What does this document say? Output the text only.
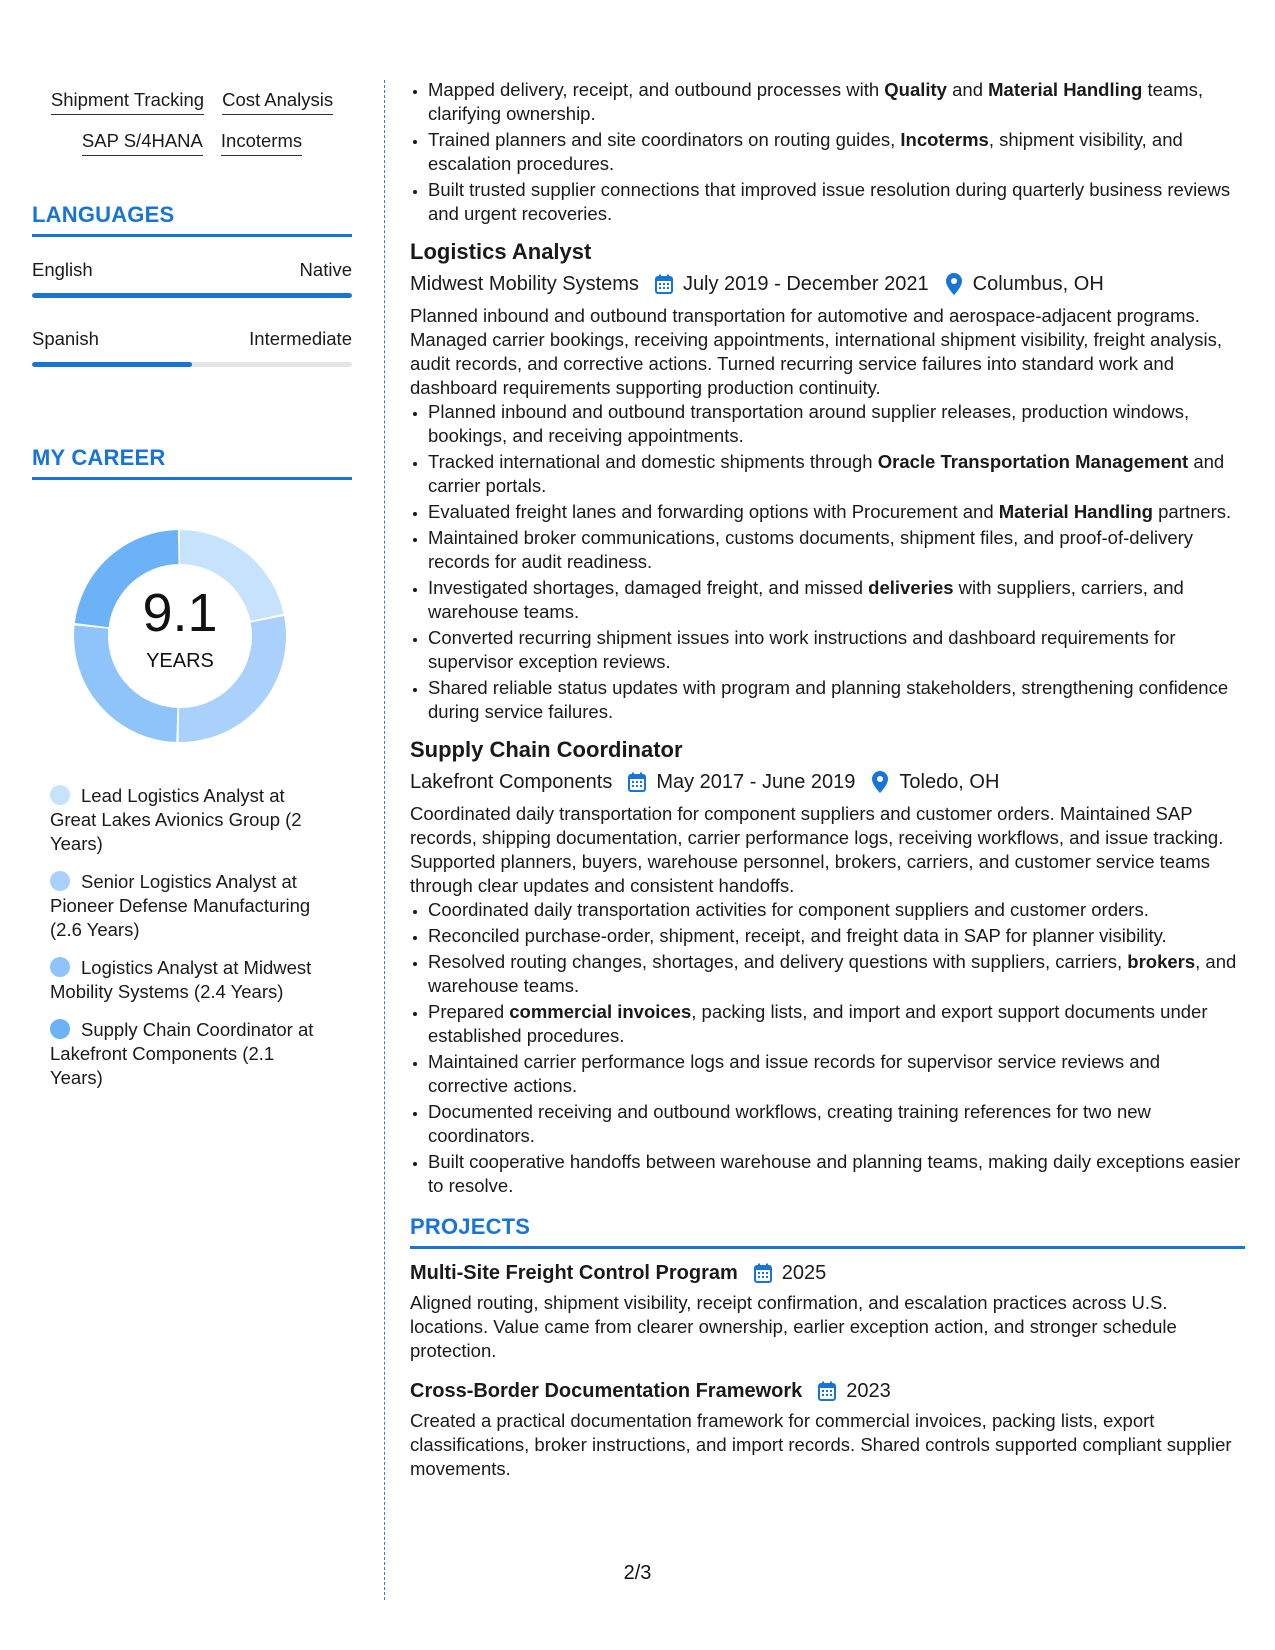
Shipment Tracking Cost Analysis
SAP S/4HANA Incoterms
LANGUAGES
English	Native
Spanish	Intermediate
MY CAREER
9.1
YEARS
Lead Logistics Analyst at Great Lakes Avionics Group (2 Years)
Senior Logistics Analyst at Pioneer Defense Manufacturing (2.6 Years)
Logistics Analyst at Midwest Mobility Systems (2.4 Years)
Supply Chain Coordinator at Lakefront Components (2.1 Years)
• Mapped delivery, receipt, and outbound processes with Quality and Material Handling teams, clarifying ownership.
• Trained planners and site coordinators on routing guides, Incoterms, shipment visibility, and escalation procedures.
• Built trusted supplier connections that improved issue resolution during quarterly business reviews and urgent recoveries.
Logistics Analyst
Midwest Mobility Systems July 2019 - December 2021 Columbus, OH
Planned inbound and outbound transportation for automotive and aerospace-adjacent programs. Managed carrier bookings, receiving appointments, international shipment visibility, freight analysis, audit records, and corrective actions. Turned recurring service failures into standard work and dashboard requirements supporting production continuity.
• Planned inbound and outbound transportation around supplier releases, production windows, bookings, and receiving appointments.
• Tracked international and domestic shipments through Oracle Transportation Management and carrier portals.
• Evaluated freight lanes and forwarding options with Procurement and Material Handling partners.
• Maintained broker communications, customs documents, shipment files, and proof-of-delivery records for audit readiness.
• Investigated shortages, damaged freight, and missed deliveries with suppliers, carriers, and warehouse teams.
• Converted recurring shipment issues into work instructions and dashboard requirements for supervisor exception reviews.
• Shared reliable status updates with program and planning stakeholders, strengthening confidence during service failures.
Supply Chain Coordinator
Lakefront Components May 2017 - June 2019 Toledo, OH
Coordinated daily transportation for component suppliers and customer orders. Maintained SAP records, shipping documentation, carrier performance logs, receiving workflows, and issue tracking. Supported planners, buyers, warehouse personnel, brokers, carriers, and customer service teams through clear updates and consistent handoffs.
• Coordinated daily transportation activities for component suppliers and customer orders.
• Reconciled purchase-order, shipment, receipt, and freight data in SAP for planner visibility.
• Resolved routing changes, shortages, and delivery questions with suppliers, carriers, brokers, and warehouse teams.
• Prepared commercial invoices, packing lists, and import and export support documents under established procedures.
• Maintained carrier performance logs and issue records for supervisor service reviews and corrective actions.
• Documented receiving and outbound workflows, creating training references for two new coordinators.
• Built cooperative handoffs between warehouse and planning teams, making daily exceptions easier to resolve.
PROJECTS
Multi-Site Freight Control Program 2025
Aligned routing, shipment visibility, receipt confirmation, and escalation practices across U.S. locations. Value came from clearer ownership, earlier exception action, and stronger schedule protection.
Cross-Border Documentation Framework 2023
Created a practical documentation framework for commercial invoices, packing lists, export classifications, broker instructions, and import records. Shared controls supported compliant supplier movements.
2/3
